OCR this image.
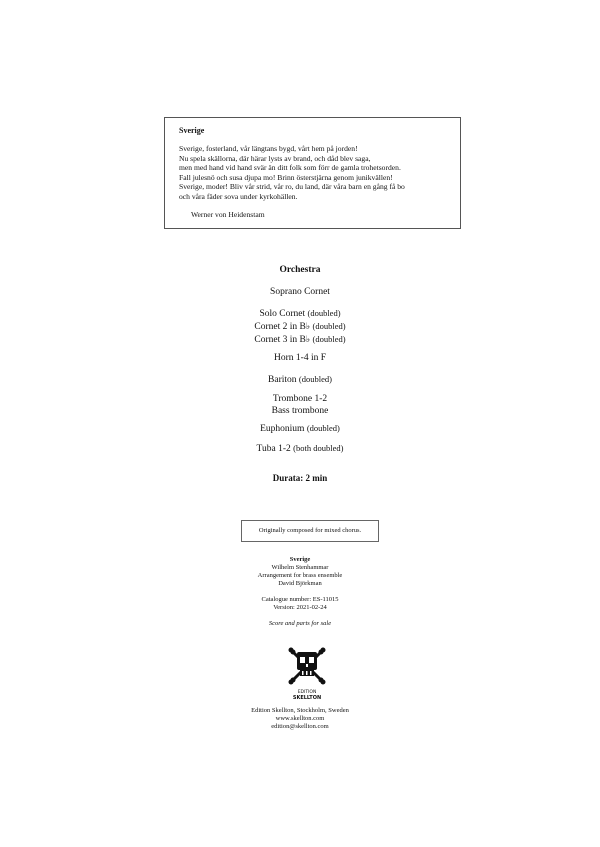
Sverige
Sverige, fosterland, vår längtans bygd, vårt hem på jorden!
Nu spela skällorna, där härar lysts av brand, och dåd blev saga,
men med hand vid hand svär än ditt folk som förr de gamla trohetsorden.
Fall julesnö och susa djupa mo! Brinn österstjärna genom junikvällen!
Sverige, moder! Bliv vår strid, vår ro, du land, där våra barn en gång få bo
och våra fäder sova under kyrkohällen.
Werner von Heidenstam
Orchestra
Soprano Cornet
Solo Cornet (doubled)
Cornet 2 in B♭ (doubled)
Cornet 3 in B♭ (doubled)
Horn 1-4 in F
Bariton (doubled)
Trombone 1-2
Bass trombone
Euphonium (doubled)
Tuba 1-2 (both doubled)
Durata: 2 min
Originally composed for mixed chorus.
Sverige
Wilhelm Stenhammar
Arrangement for brass ensemble
David Björkman
Catalogue number: ES-11015
Version: 2021-02-24
Score and parts for sale
EDITION
SKELLTON
Edition Skellton, Stockholm, Sweden
www.skellton.com
edition@skellton.com
